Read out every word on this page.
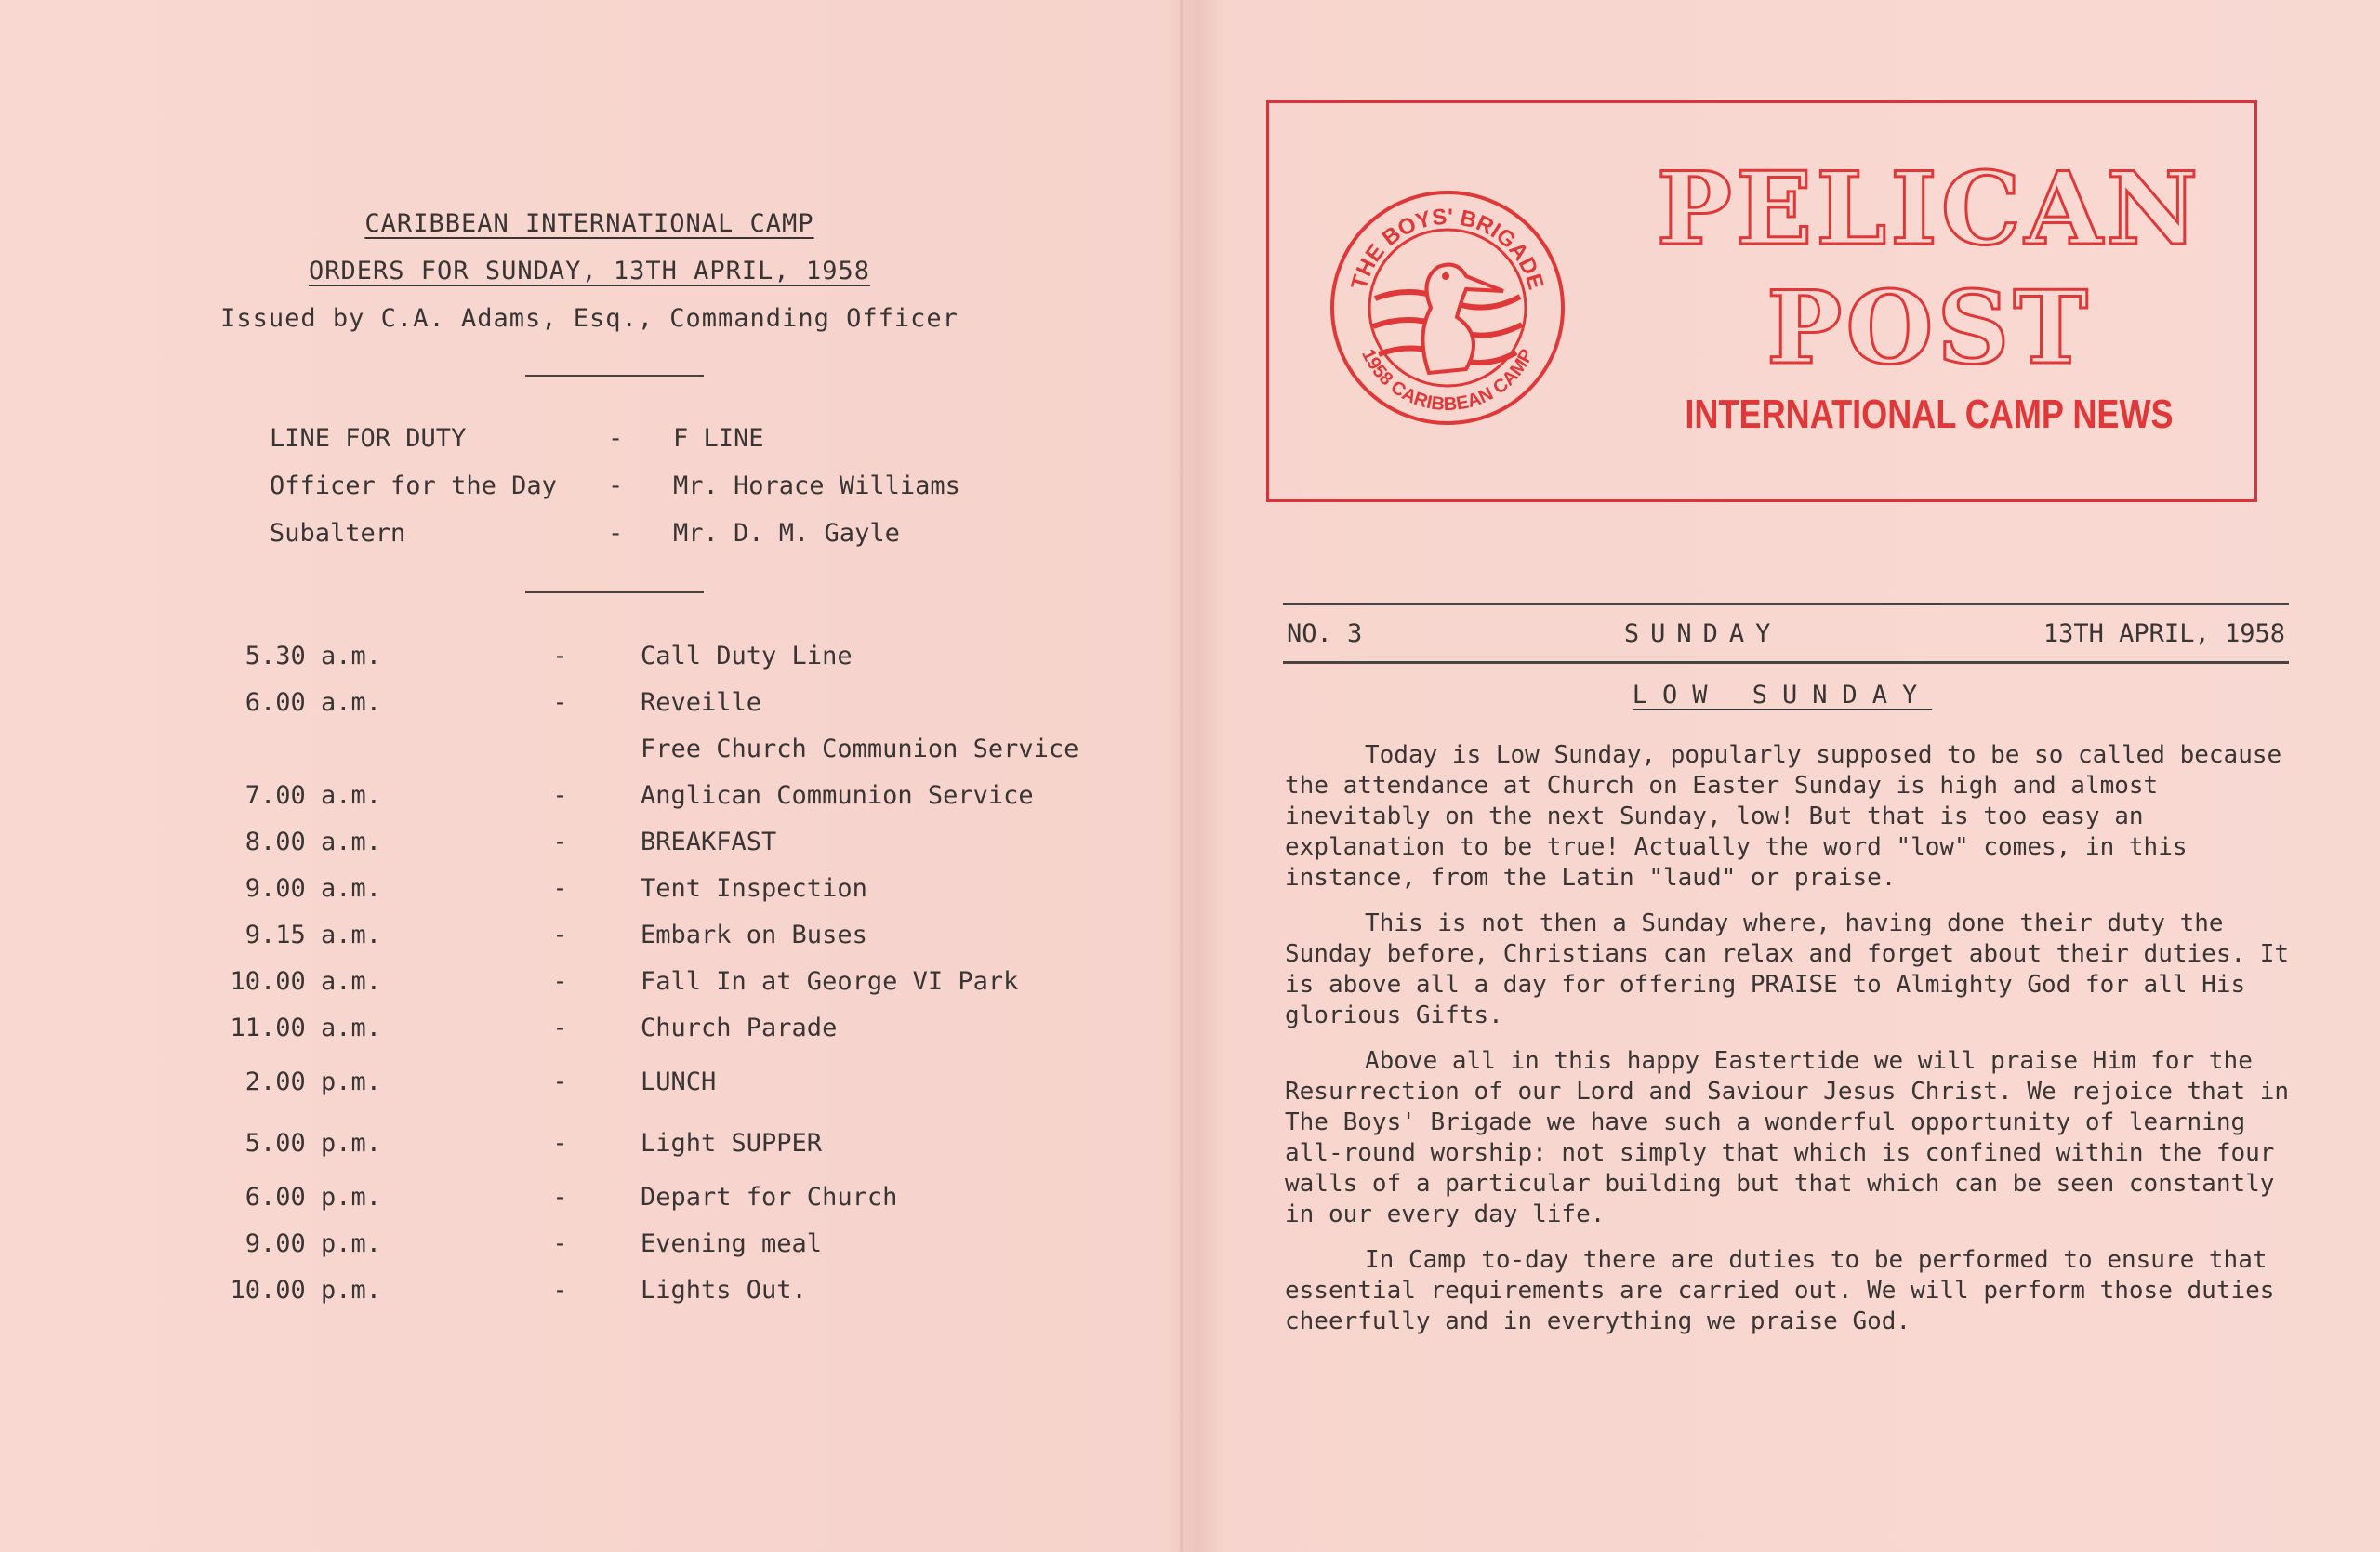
CARIBBEAN INTERNATIONAL CAMP
ORDERS FOR SUNDAY, 13TH APRIL, 1958
Issued by C.A. Adams, Esq., Commanding Officer
LINE FOR DUTY	-	F LINE
Officer for the Day	-	Mr. Horace Williams
Subaltern	-	Mr. D. M. Gayle
5.30 a.m.	-	Call Duty Line
6.00 a.m.	-	Reveille
Free Church Communion Service
7.00 a.m.	-	Anglican Communion Service
8.00 a.m.	-	BREAKFAST
9.00 a.m.	-	Tent Inspection
9.15 a.m.	-	Embark on Buses
10.00 a.m.	-	Fall In at George VI Park
11.00 a.m.	-	Church Parade
2.00 p.m.	-	LUNCH
5.00 p.m.	-	Light SUPPER
6.00 p.m.	-	Depart for Church
9.00 p.m.	-	Evening meal
10.00 p.m.	-	Lights Out.
THE BOYS' BRIGADE
1958 CARIBBEAN CAMP
PELICAN
POST
INTERNATIONAL CAMP NEWS
NO. 3	SUNDAY	13TH APRIL, 1958
LOW SUNDAY

Today is Low Sunday, popularly supposed to be so called because the attendance at Church on Easter Sunday is high and almost inevitably on the next Sunday, low! But that is too easy an explanation to be true! Actually the word "low" comes, in this instance, from the Latin "laud" or praise.

This is not then a Sunday where, having done their duty the Sunday before, Christians can relax and forget about their duties. It is above all a day for offering PRAISE to Almighty God for all His glorious Gifts.

Above all in this happy Eastertide we will praise Him for the Resurrection of our Lord and Saviour Jesus Christ. We rejoice that in The Boys' Brigade we have such a wonderful opportunity of learning all-round worship: not simply that which is confined within the four walls of a particular building but that which can be seen constantly in our every day life.

In Camp to-day there are duties to be performed to ensure that essential requirements are carried out. We will perform those duties cheerfully and in everything we praise God.
